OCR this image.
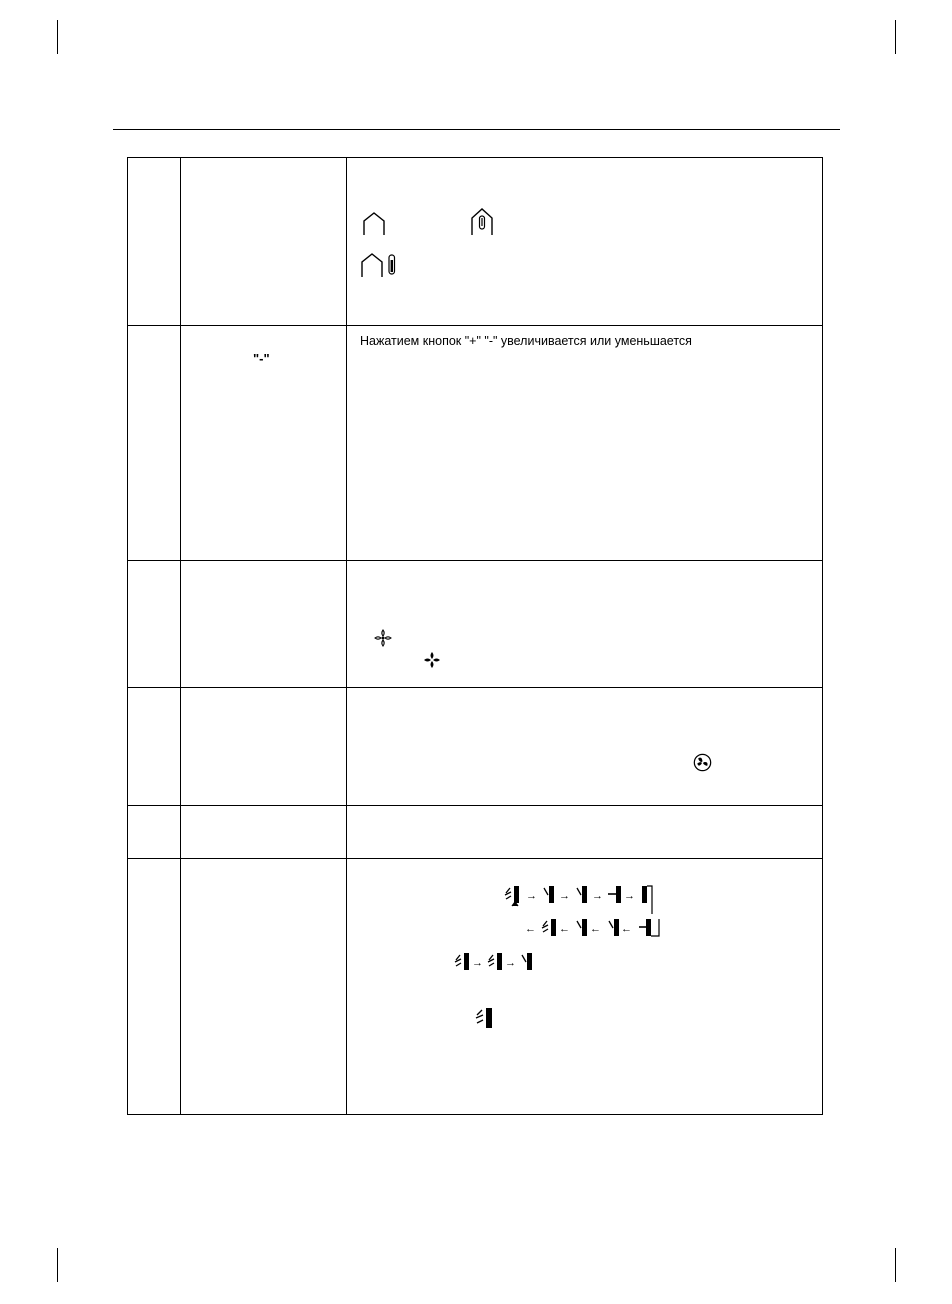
	"-"	Нажатием кнопок "+" "-" увеличивается или уменьшается

→ → → →
← ← ← ←
→ →
